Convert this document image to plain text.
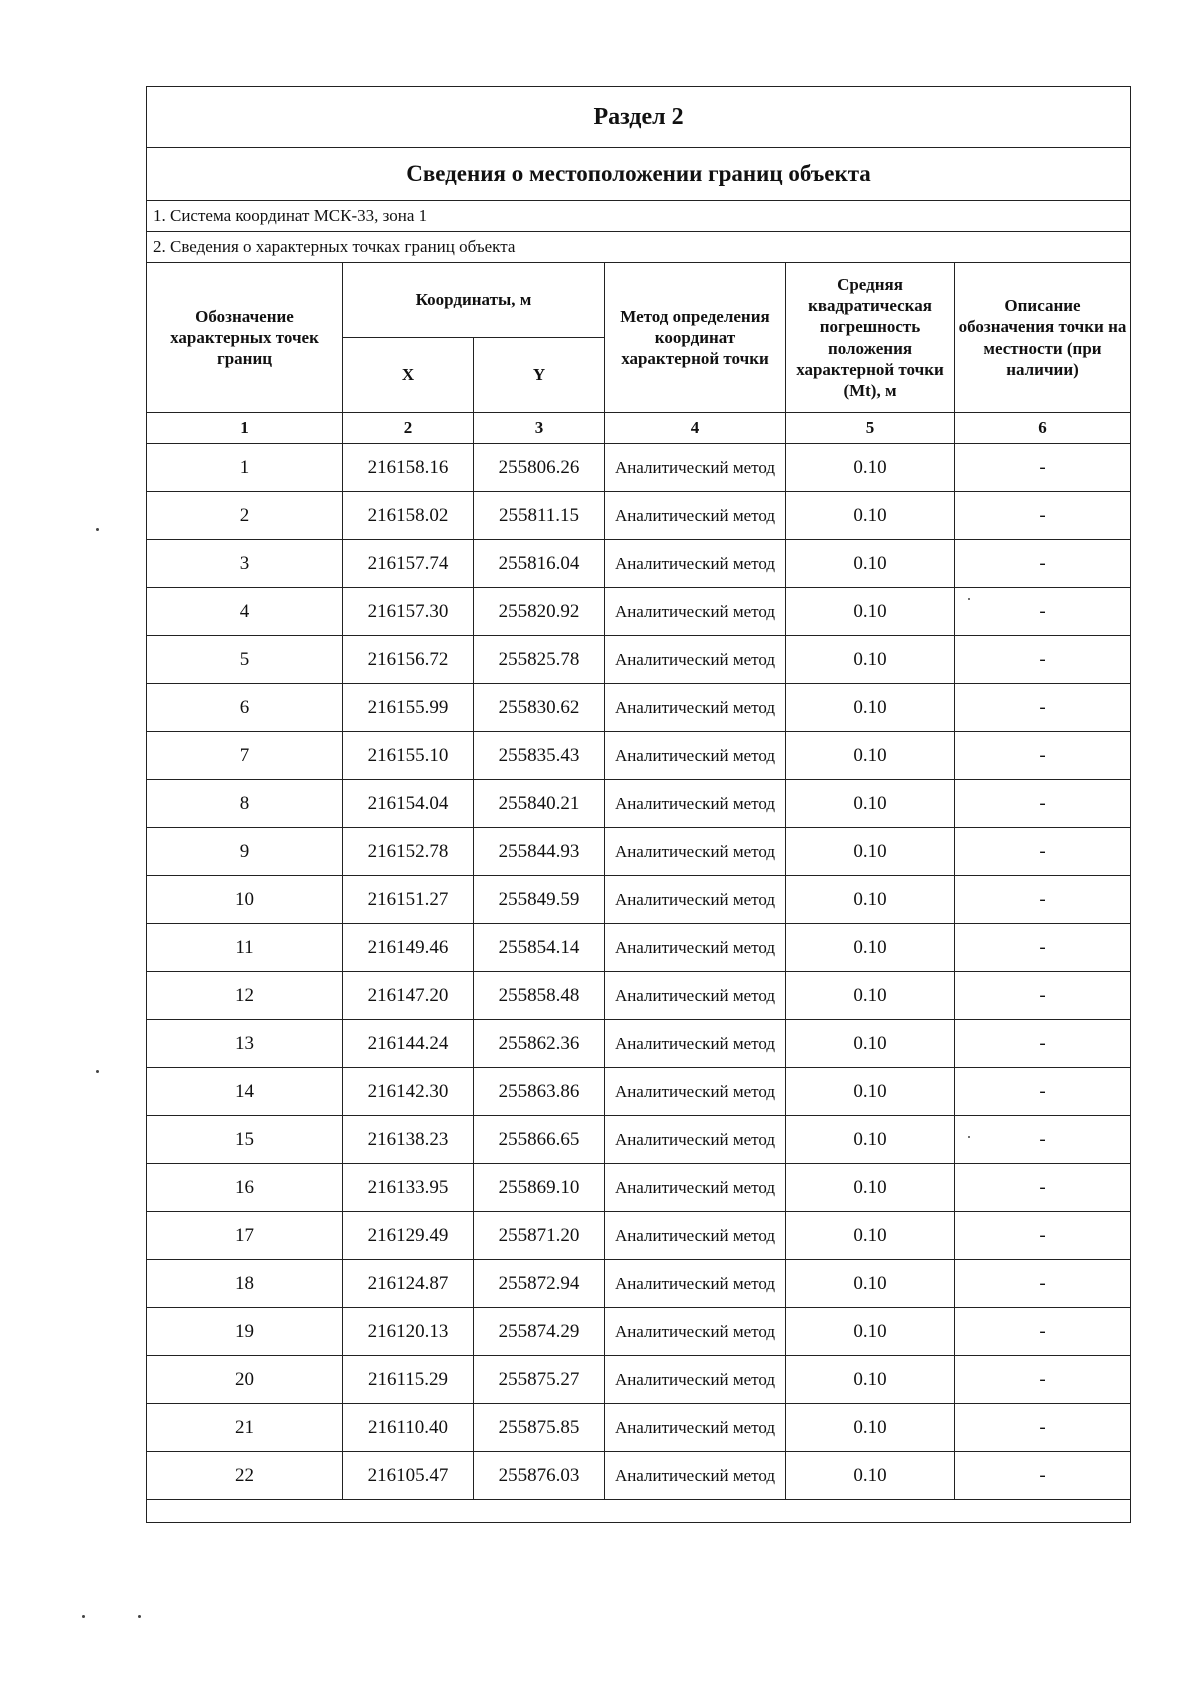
Раздел 2					
Сведения о местоположении границ объекта					
1. Система координат МСК-33, зона 1					
2. Сведения о характерных точках границ объекта					
Обозначение характерных точек границ	Координаты, м		Метод определения координат характерной точки	Средняя квадратическая погрешность положения характерной точки (Mt), м	Описание обозначения точки на местности (при наличии)
	X	Y			
1	2	3	4	5	6
1	216158.16	255806.26	Аналитический метод	0.10	-
2	216158.02	255811.15	Аналитический метод	0.10	-
3	216157.74	255816.04	Аналитический метод	0.10	-
4	216157.30	255820.92	Аналитический метод	0.10	-
5	216156.72	255825.78	Аналитический метод	0.10	-
6	216155.99	255830.62	Аналитический метод	0.10	-
7	216155.10	255835.43	Аналитический метод	0.10	-
8	216154.04	255840.21	Аналитический метод	0.10	-
9	216152.78	255844.93	Аналитический метод	0.10	-
10	216151.27	255849.59	Аналитический метод	0.10	-
11	216149.46	255854.14	Аналитический метод	0.10	-
12	216147.20	255858.48	Аналитический метод	0.10	-
13	216144.24	255862.36	Аналитический метод	0.10	-
14	216142.30	255863.86	Аналитический метод	0.10	-
15	216138.23	255866.65	Аналитический метод	0.10	-
16	216133.95	255869.10	Аналитический метод	0.10	-
17	216129.49	255871.20	Аналитический метод	0.10	-
18	216124.87	255872.94	Аналитический метод	0.10	-
19	216120.13	255874.29	Аналитический метод	0.10	-
20	216115.29	255875.27	Аналитический метод	0.10	-
21	216110.40	255875.85	Аналитический метод	0.10	-
22	216105.47	255876.03	Аналитический метод	0.10	-
